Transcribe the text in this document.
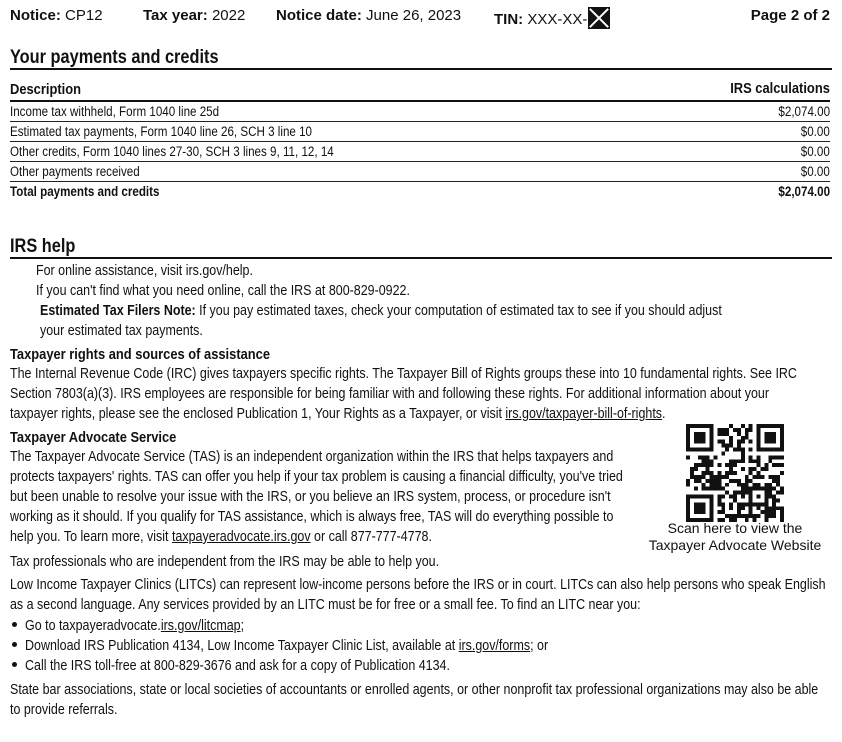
Notice: CP12	Tax year: 2022 Notice date: June 26, 2023 TIN: XXX-XX-	Page 2 of 2
Your payments and credits
Description	IRS calculations
Income tax withheld, Form 1040 line 25d	$2,074.00
Estimated tax payments, Form 1040 line 26, SCH 3 line 10	$0.00
Other credits, Form 1040 lines 27-30, SCH 3 lines 9, 11, 12, 14	$0.00
Other payments received	$0.00
Total payments and credits	$2,074.00
IRS help
For online assistance, visit irs.gov/help.
If you can't find what you need online, call the IRS at 800-829-0922.
Estimated Tax Filers Note: If you pay estimated taxes, check your computation of estimated tax to see if you should adjust
your estimated tax payments.
Taxpayer rights and sources of assistance
The Internal Revenue Code (IRC) gives taxpayers specific rights. The Taxpayer Bill of Rights groups these into 10 fundamental rights. See IRC
Section 7803(a)(3). IRS employees are responsible for being familiar with and following these rights. For additional information about your
taxpayer rights, please see the enclosed Publication 1, Your Rights as a Taxpayer, or visit irs.gov/taxpayer-bill-of-rights.
Taxpayer Advocate Service
The Taxpayer Advocate Service (TAS) is an independent organization within the IRS that helps taxpayers and
protects taxpayers' rights. TAS can offer you help if your tax problem is causing a financial difficulty, you've tried
but been unable to resolve your issue with the IRS, or you believe an IRS system, process, or procedure isn't
working as it should. If you qualify for TAS assistance, which is always free, TAS will do everything possible to
help you. To learn more, visit taxpayeradvocate.irs.gov or call 877-777-4778.
Scan here to view the
Taxpayer Advocate Website
Tax professionals who are independent from the IRS may be able to help you.
Low Income Taxpayer Clinics (LITCs) can represent low-income persons before the IRS or in court. LITCs can also help persons who speak English
as a second language. Any services provided by an LITC must be for free or a small fee. To find an LITC near you:
Go to taxpayeradvocate.irs.gov/litcmap;
Download IRS Publication 4134, Low Income Taxpayer Clinic List, available at irs.gov/forms; or
Call the IRS toll-free at 800-829-3676 and ask for a copy of Publication 4134.
State bar associations, state or local societies of accountants or enrolled agents, or other nonprofit tax professional organizations may also be able
to provide referrals.
